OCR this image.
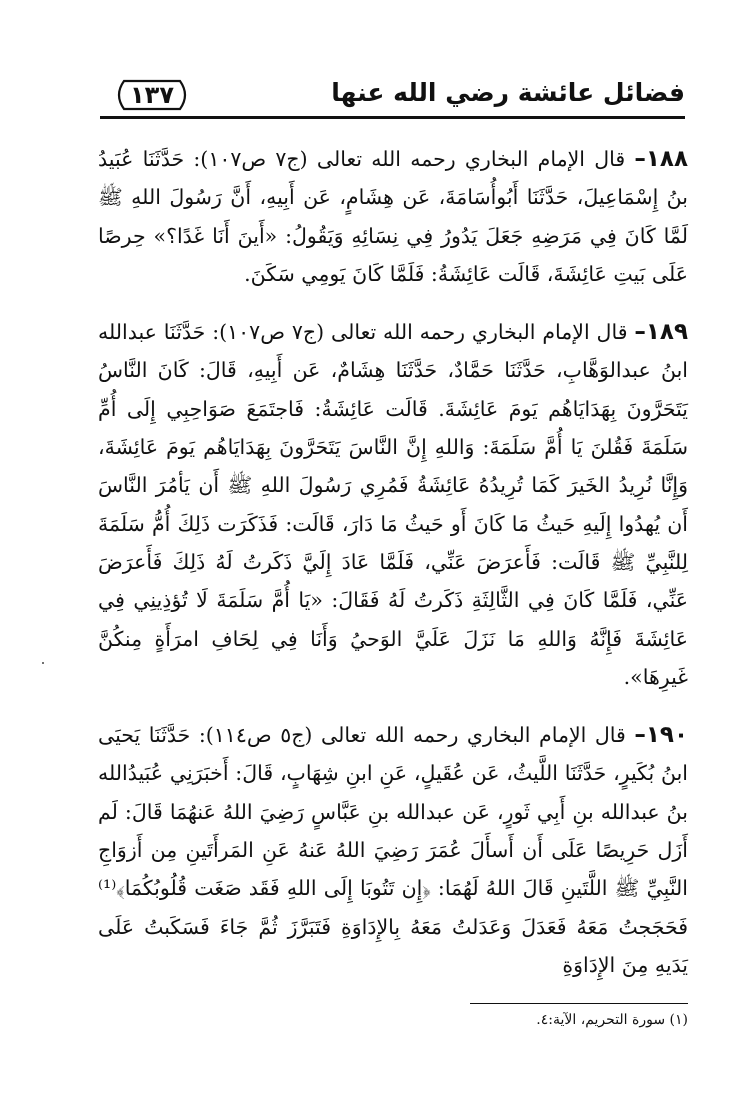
فضائل عائشة رضي الله عنها
١٣٧

١٨٨– قال الإمام البخاري رحمه الله تعالى (ج٧ ص١٠٧): حَدَّثَنَا عُبَيدُ بنُ إِسْمَاعِيلَ، حَدَّثَنَا أَبُوأُسَامَةَ، عَن هِشَامٍ، عَن أَبِيهِ، أَنَّ رَسُولَ اللهِ ﷺ لَمَّا كَانَ فِي مَرَضِهِ جَعَلَ يَدُورُ فِي نِسَائِهِ وَيَقُولُ: «أَينَ أَنَا غَدًا؟» حِرصًا عَلَى بَيتِ عَائِشَةَ، قَالَت عَائِشَةُ: فَلَمَّا كَانَ يَومِي سَكَنَ.

١٨٩– قال الإمام البخاري رحمه الله تعالى (ج٧ ص١٠٧): حَدَّثَنَا عبدالله ابنُ عبدالوَهَّابِ، حَدَّثَنَا حَمَّادٌ، حَدَّثَنَا هِشَامٌ، عَن أَبِيهِ، قَالَ: كَانَ النَّاسُ يَتَحَرَّونَ بِهَدَايَاهُم يَومَ عَائِشَةَ. قَالَت عَائِشَةُ: فَاجتَمَعَ صَوَاحِبِي إِلَى أُمِّ سَلَمَةَ فَقُلنَ يَا أُمَّ سَلَمَةَ: وَاللهِ إِنَّ النَّاسَ يَتَحَرَّونَ بِهَدَايَاهُم يَومَ عَائِشَةَ، وَإِنَّا نُرِيدُ الخَيرَ كَمَا تُرِيدُهُ عَائِشَةُ فَمُرِي رَسُولَ اللهِ ﷺ أَن يَأمُرَ النَّاسَ أَن يُهدُوا إِلَيهِ حَيثُ مَا كَانَ أَو حَيثُ مَا دَارَ، قَالَت: فَذَكَرَت ذَلِكَ أُمُّ سَلَمَةَ لِلنَّبِيِّ ﷺ قَالَت: فَأَعرَضَ عَنِّي، فَلَمَّا عَادَ إِلَيَّ ذَكَرتُ لَهُ ذَلِكَ فَأَعرَضَ عَنِّي، فَلَمَّا كَانَ فِي الثَّالِثَةِ ذَكَرتُ لَهُ فَقَالَ: «يَا أُمَّ سَلَمَةَ لَا تُؤذِينِي فِي عَائِشَةَ فَإِنَّهُ وَاللهِ مَا نَزَلَ عَلَيَّ الوَحيُ وَأَنَا فِي لِحَافِ امرَأَةٍ مِنكُنَّ غَيرِهَا».

١٩٠– قال الإمام البخاري رحمه الله تعالى (ج٥ ص١١٤): حَدَّثَنَا يَحيَى ابنُ بُكَيرٍ، حَدَّثَنَا اللَّيثُ، عَن عُقَيلٍ، عَنِ ابنِ شِهَابٍ، قَالَ: أَخبَرَنِي عُبَيدُالله بنُ عبدالله بنِ أَبِي ثَورٍ، عَن عبدالله بنِ عَبَّاسٍ رَضِيَ اللهُ عَنهُمَا قَالَ: لَم أَزَل حَرِيصًا عَلَى أَن أَسأَلَ عُمَرَ رَضِيَ اللهُ عَنهُ عَنِ المَرأَتَينِ مِن أَزوَاجِ النَّبِيِّ ﷺ اللَّتَينِ قَالَ اللهُ لَهُمَا: ﴿إِن تَتُوبَا إِلَى اللهِ فَقَد صَغَت قُلُوبُكُمَا﴾⁽¹⁾ فَحَجَجتُ مَعَهُ فَعَدَلَ وَعَدَلتُ مَعَهُ بِالإِدَاوَةِ فَتَبَرَّزَ ثُمَّ جَاءَ فَسَكَبتُ عَلَى يَدَيهِ مِنَ الإِدَاوَةِ

(١) سورة التحريم، الآية:٤.
